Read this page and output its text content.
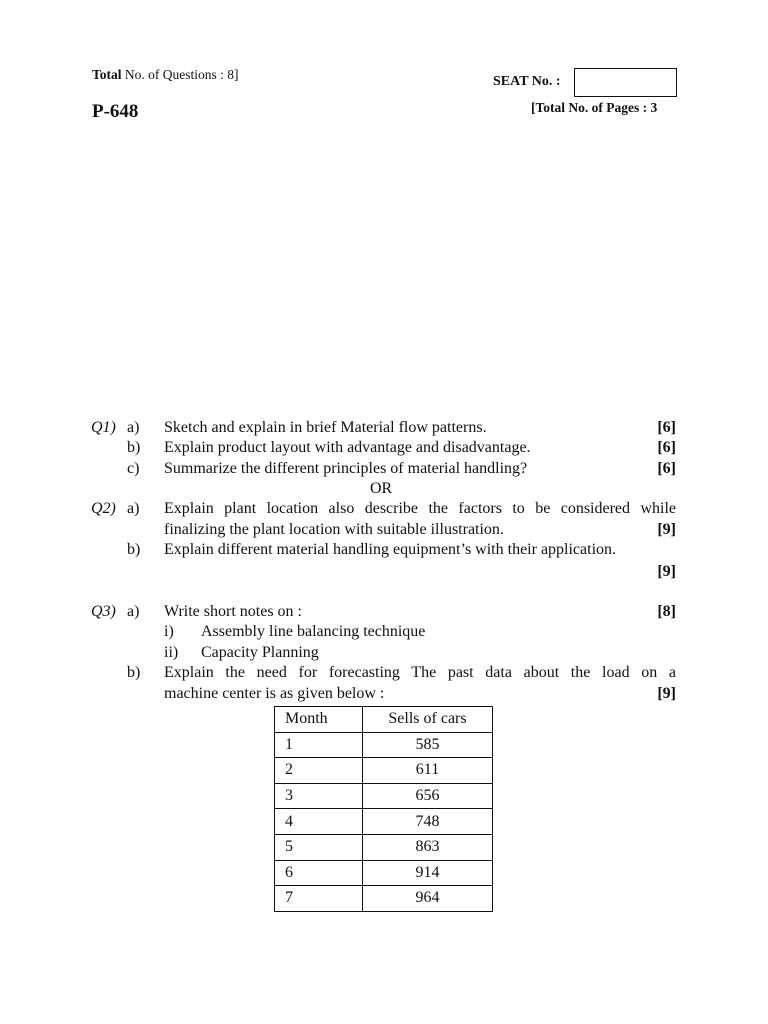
Total No. of Questions : 8]	SEAT No. :
P-648	[Total No. of Pages : 3
Q1) a) Sketch and explain in brief Material flow patterns.	[6]
b) Explain product layout with advantage and disadvantage.	[6]
c) Summarize the different principles of material handling?	[6]
OR
Q2) a) Explain plant location also describe the factors to be considered while
finalizing the plant location with suitable illustration.	[9]
b) Explain different material handling equipment’s with their application.
[9]
Q3) a) Write short notes on :	[8]
i) Assembly line balancing technique
ii) Capacity Planning
b) Explain the need for forecasting The past data about the load on a
machine center is as given below :	[9]
Month	Sells of cars
1	585
2	611
3	656
4	748
5	863
6	914
7	964
